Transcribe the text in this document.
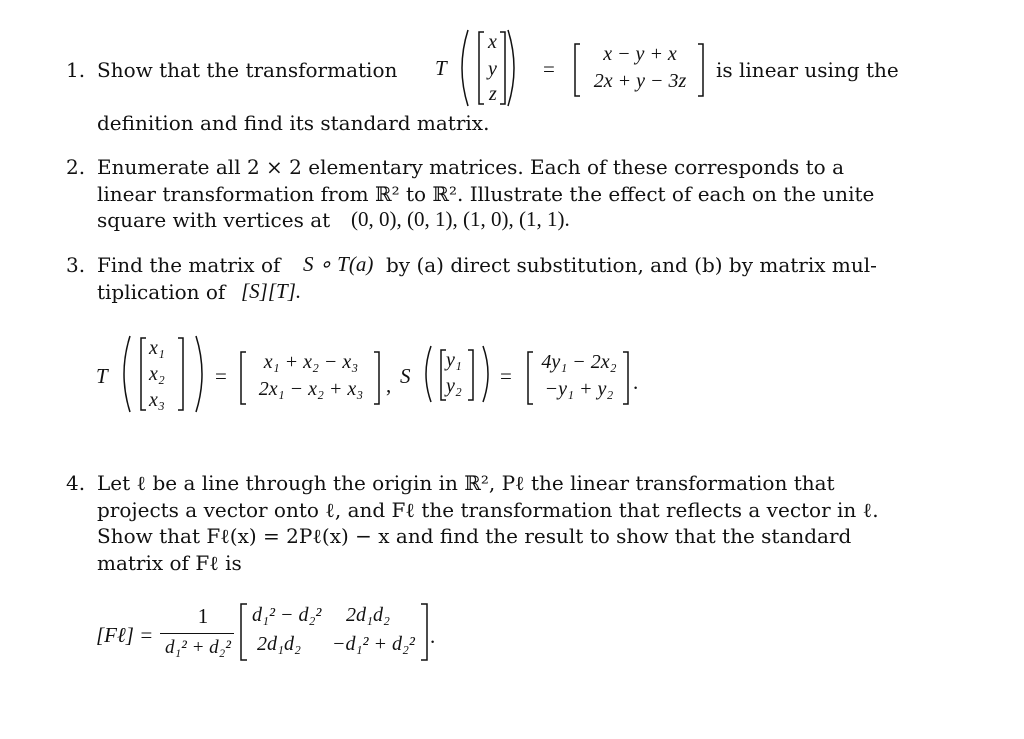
1. Show that the transformation T
x
y
z
=
x − y + x
2x + y − 3z	is linear using the
definition and find its standard matrix.
2. Enumerate all 2 × 2 elementary matrices. Each of these corresponds to a
linear transformation from ℝ² to ℝ². Illustrate the effect of each on the unite
square with vertices at (0, 0), (0, 1), (1, 0), (1, 1).
3. Find the matrix of S ∘ T(a) by (a) direct substitution, and (b) by matrix mul-
tiplication of [S][T].
T
x₁
x₂
x₃
=
x₁ + x₂ − x₃
2x₁ − x₂ + x₃	, S
y₁
y₂ =
4y₁ − 2x₂
−y₁ + y₂ .
4. Let ℓ be a line through the origin in ℝ², Pℓ the linear transformation that
projects a vector onto ℓ, and Fℓ the transformation that reflects a vector in ℓ.
Show that Fℓ(x) = 2Pℓ(x) − x and find the result to show that the standard
matrix of Fℓ is
[Fℓ] =
1
d₁² + d₂²
d₁² − d₂² 2d₁d₂
2d₁d₂ −d₁² + d₂² .
